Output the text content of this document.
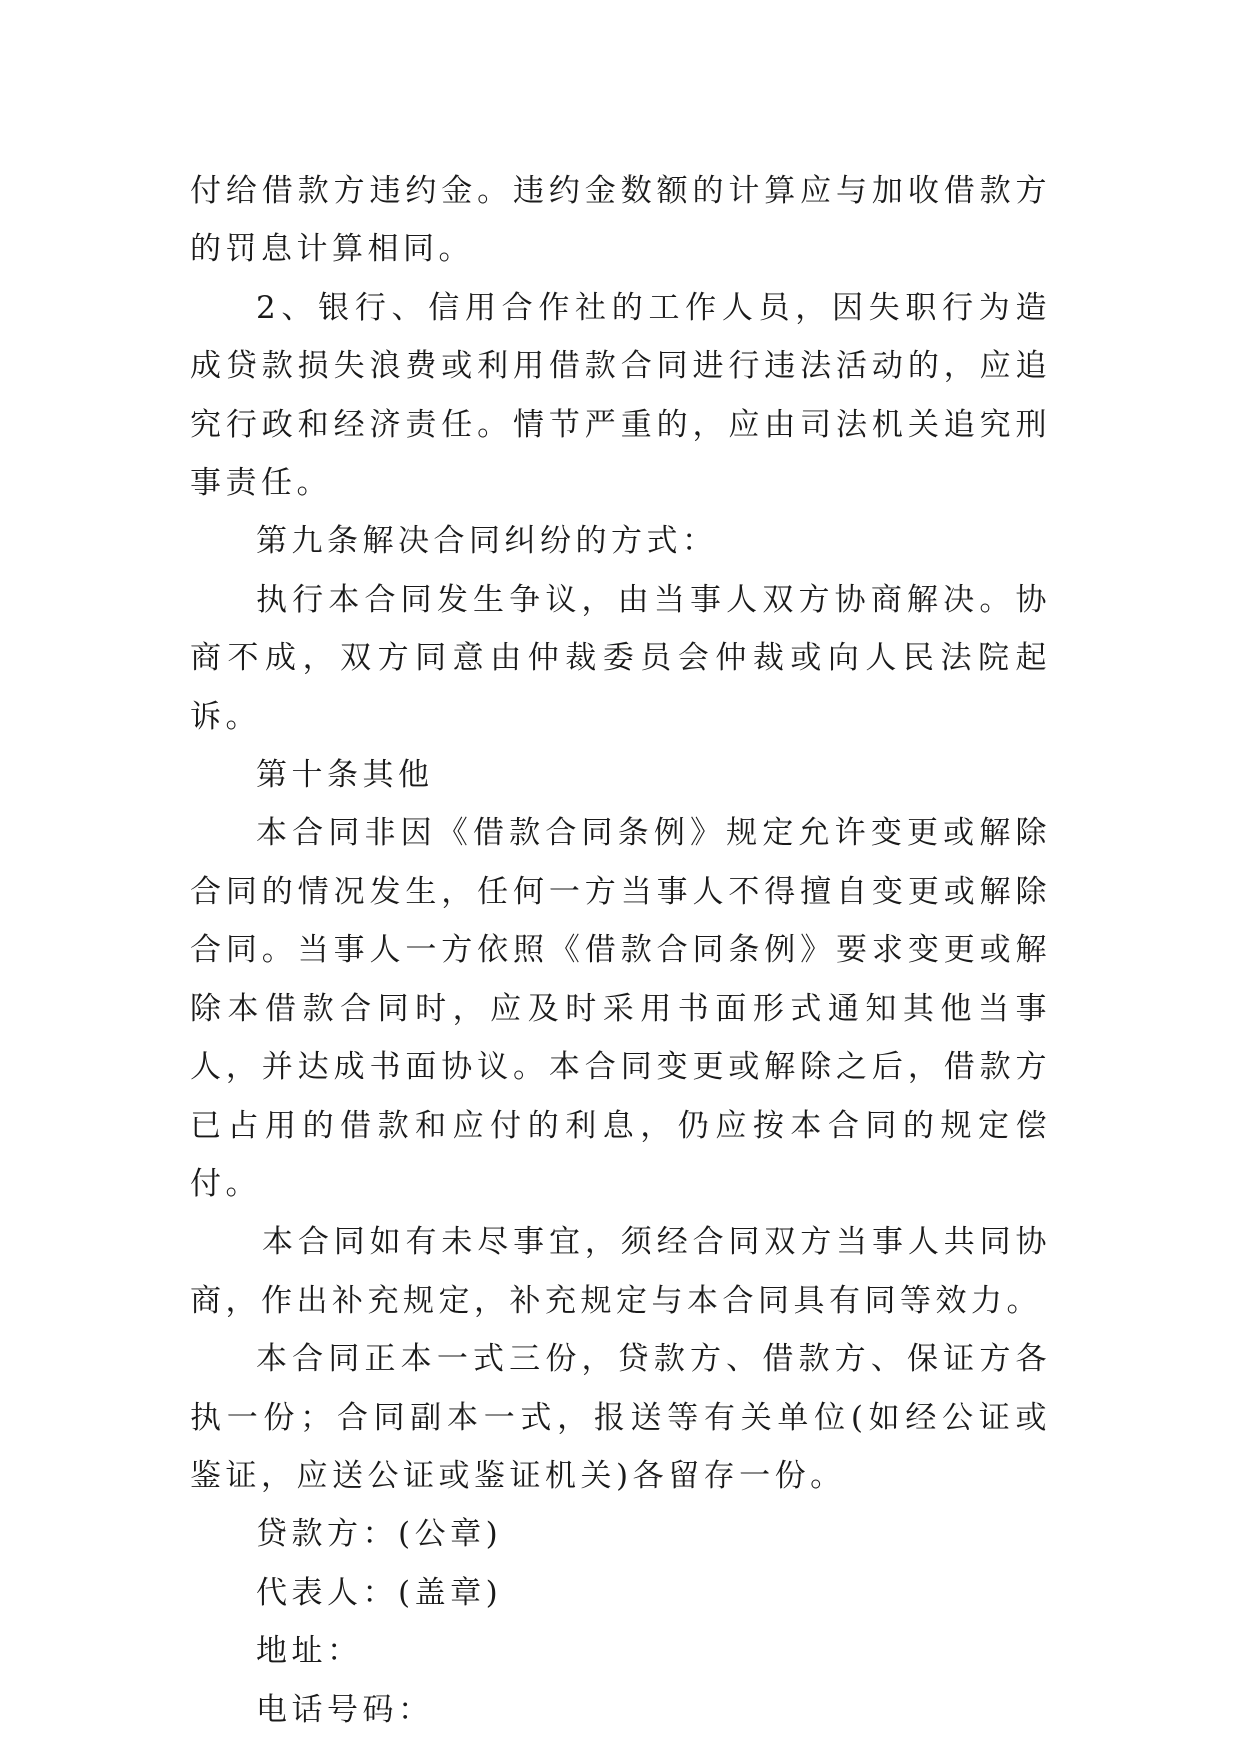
付给借款方违约金。违约金数额的计算应与加收借款方的罚息计算相同。

2、银行、信用合作社的工作人员，因失职行为造成贷款损失浪费或利用借款合同进行违法活动的，应追究行政和经济责任。情节严重的，应由司法机关追究刑事责任。

第九条解决合同纠纷的方式：

执行本合同发生争议，由当事人双方协商解决。协商不成，双方同意由仲裁委员会仲裁或向人民法院起诉。

第十条其他

本合同非因《借款合同条例》规定允许变更或解除合同的情况发生，任何一方当事人不得擅自变更或解除合同。当事人一方依照《借款合同条例》要求变更或解除本借款合同时，应及时采用书面形式通知其他当事人，并达成书面协议。本合同变更或解除之后，借款方已占用的借款和应付的利息，仍应按本合同的规定偿付。

本合同如有未尽事宜，须经合同双方当事人共同协商，作出补充规定，补充规定与本合同具有同等效力。

本合同正本一式三份，贷款方、借款方、保证方各执一份；合同副本一式，报送等有关单位(如经公证或鉴证，应送公证或鉴证机关)各留存一份。

贷款方：(公章)

代表人：(盖章)

地址：

电话号码：
